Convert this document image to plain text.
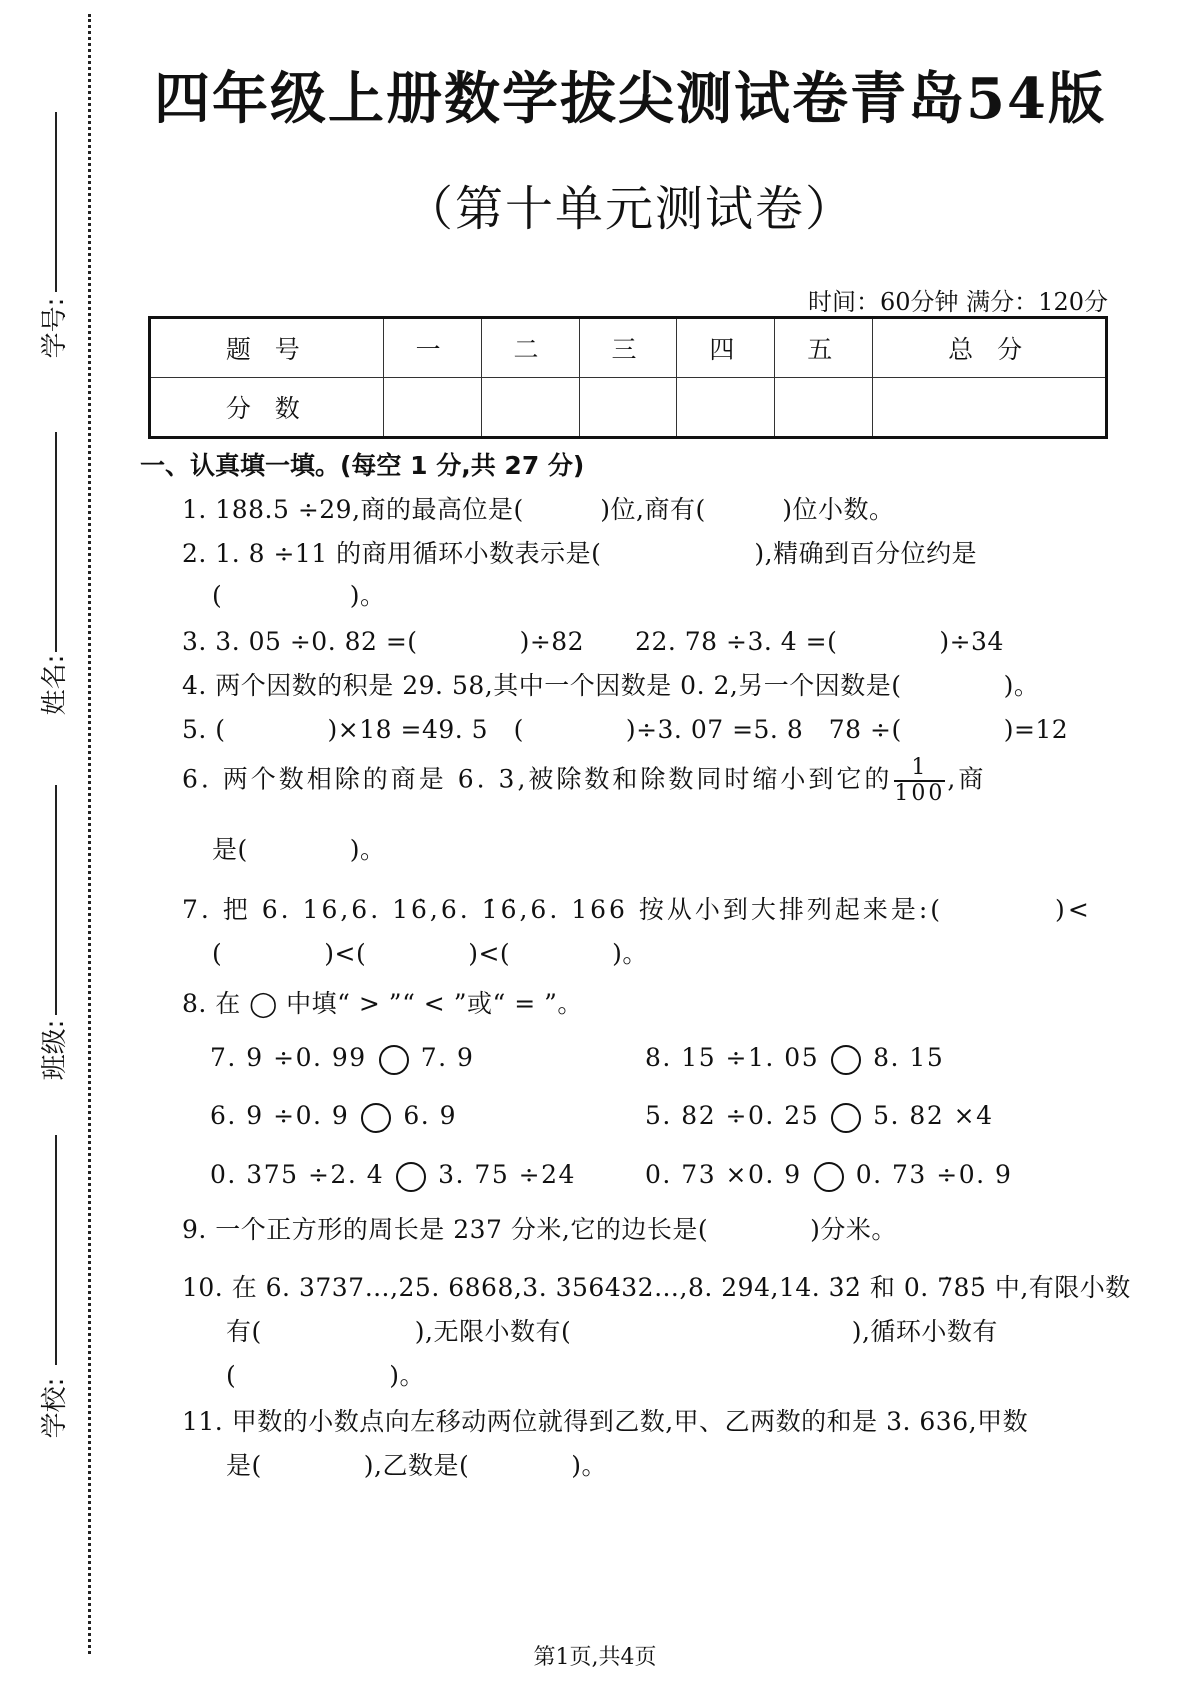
学号:
姓名:
班级:
学校:
四年级上册数学拔尖测试卷青岛54版
（第十单元测试卷）
时间：60分钟 满分：120分
题 号	一	二	三	四	五	总 分
分 数						
一、认真填一填。(每空 1 分,共 27 分)
1. 188.5 ÷29,商的最高位是(　　　)位,商有(　　　)位小数。
2. 1. 8 ÷11 的商用循环小数表示是(　　　　　　),精确到百分位约是
(　　　　　)。
3. 3. 05 ÷0. 82 =(　　　　)÷82　　22. 78 ÷3. 4 =(　　　　)÷34
4. 两个因数的积是 29. 58,其中一个因数是 0. 2,另一个因数是(　　　　)。
5. (　　　　)×18 =49. 5　(　　　　)÷3. 07 =5. 8　78 ÷(　　　　)=12
6. 两个数相除的商是 6. 3,被除数和除数同时缩小到它的 $\frac{1}{100}$ ,商
是(　　　　)。
7. 把 6. 16,6. 16̇,6. 1̇6̇,6. 166 按从小到大排列起来是:(　　　　)<
(　　　　)<(　　　　)<(　　　　)。
8. 在 ◯ 中填“ > ”“ < ”或“ = ”。
7. 9 ÷0. 99 7. 9	8. 15 ÷1. 05 8. 15
6. 9 ÷0. 9 6. 9	5. 82 ÷0. 25 5. 82 ×4
0. 375 ÷2. 4 3. 75 ÷24	0. 73 ×0. 9 0. 73 ÷0. 9
9. 一个正方形的周长是 237 分米,它的边长是(　　　　)分米。
10. 在 6. 3737…,25. 6868,3. 356432…,8. 294,14. 3̇2̇ 和 0. 7̇85̇ 中,有限小数
有(　　　　　　),无限小数有(　　　　　　　　　　　),循环小数有
(　　　　　　)。
11. 甲数的小数点向左移动两位就得到乙数,甲、乙两数的和是 3. 636,甲数
是(　　　　),乙数是(　　　　)。
第1页,共4页
